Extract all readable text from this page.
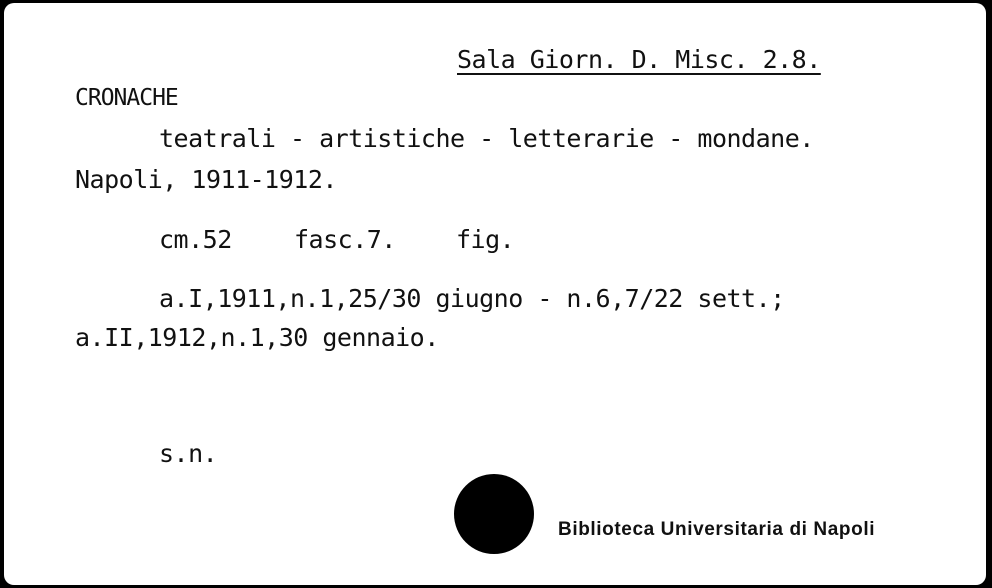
Sala Giorn. D. Misc. 2.8.
CRONACHE
teatrali - artistiche - letterarie - mondane.
Napoli, 1911-1912.
cm.52 fasc.7. fig.
a.I,1911,n.1,25/30 giugno - n.6,7/22 sett.;
a.II,1912,n.1,30 gennaio.
s.n.
Biblioteca Universitaria di Napoli
